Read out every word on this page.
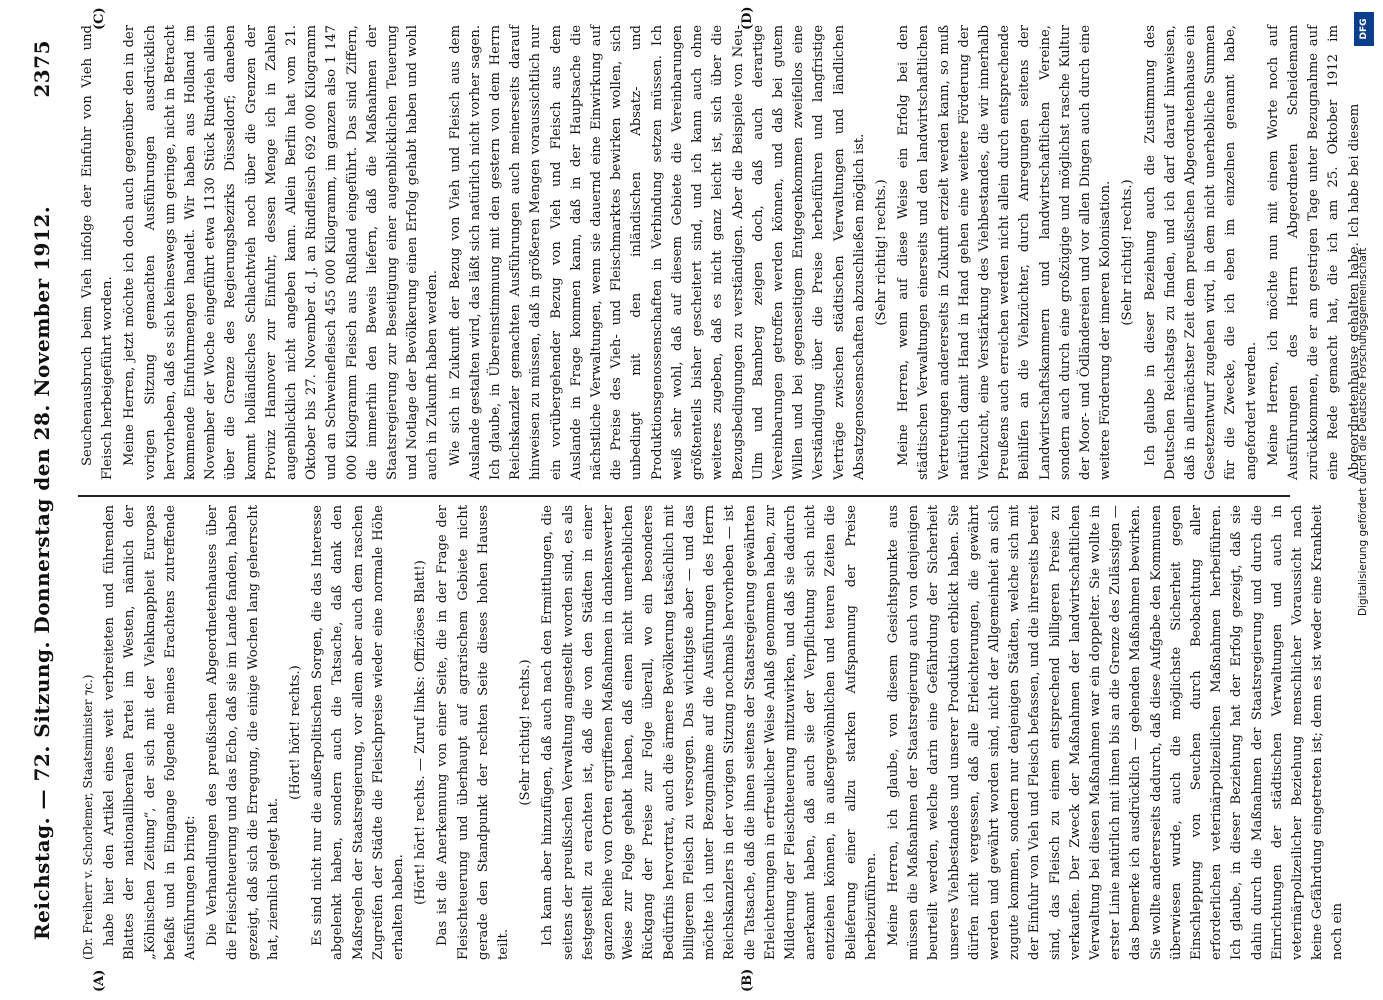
Reichstag. — 72. Sitzung. Donnerstag den 28. November 1912.
2375
(A)	(B)
(C)	(D)

(Dr. Freiherr v. Schorlemer, Staatsminister ⁊c.) habe hier den Artikel eines weit verbreiteten und führenden Blattes der nationalliberalen Partei im Westen, nämlich der „Kölnischen Zeitung“, der sich mit der Viehknappheit Europas befaßt und in Eingange folgende meines Erachtens zutreffende Ausführungen bringt: Die Verhandlungen des preußischen Abgeordnetenhauses über die Fleischteuerung und das Echo, daß sie im Lande fanden, haben gezeigt, daß sich die Erregung, die einige Wochen lang geherrscht hat, ziemlich gelegt hat.

(Hört! hört! rechts.) Es sind nicht nur die außerpolitischen Sorgen, die das Interesse abgelenkt haben, sondern auch die Tatsache, daß dank den Maßregeln der Staatsregierung, vor allem aber auch dem raschen Zugreifen der Städte die Fleischpreise wieder eine normale Höhe erhalten haben.

(Hört! hört! rechts. — Zuruf links: Offiziöses Blatt!) Das ist die Anerkennung von einer Seite, die in der Frage der Fleischteuerung und überhaupt auf agrarischem Gebiete nicht gerade den Standpunkt der rechten Seite dieses hohen Hauses teilt.

(Sehr richtig! rechts.) Ich kann aber hinzufügen, daß auch nach den Ermittlungen, die seitens der preußischen Verwaltung angestellt worden sind, es als festgestellt zu erachten ist, daß die von den Städten in einer ganzen Reihe von Orten ergriffenen Maßnahmen in dankenswerter Weise zur Folge gehabt haben, daß einen nicht unerheblichen Rückgang der Preise zur Folge überall, wo ein besonderes Bedürfnis hervortrat, auch die ärmere Bevölkerung tatsächlich mit billigerem Fleisch zu versorgen. Das wichtigste aber — und das möchte ich unter Bezugnahme auf die Ausführungen des Herrn Reichskanzlers in der vorigen Sitzung nochmals hervorheben — ist die Tatsache, daß die ihnen seitens der Staatsregierung gewährten Erleichterungen in erfreulicher Weise Anlaß genommen haben, zur Milderung der Fleischteuerung mitzuwirken, und daß sie dadurch anerkannt haben, daß auch sie der Verpflichtung sich nicht entziehen können, in außergewöhnlichen und teuren Zeiten die Belieferung einer allzu starken Aufspannung der Preise herbeizuführen. Meine Herren, ich glaube, von diesem Gesichtspunkte aus müssen die Maßnahmen der Staatsregierung auch von denjenigen beurteilt werden, welche darin eine Gefährdung der Sicherheit unseres Viehbestandes und unserer Produktion erblickt haben. Sie dürfen nicht vergessen, daß alle Erleichterungen, die gewährt werden und gewährt worden sind, nicht der Allgemeinheit an sich zugute kommen, sondern nur denjenigen Städten, welche sich mit der Einfuhr von Vieh und Fleisch befassen, und die ihrerseits bereit sind, das Fleisch zu einem entsprechend billigeren Preise zu verkaufen. Der Zweck der Maßnahmen der landwirtschaftlichen Verwaltung bei diesen Maßnahmen war ein doppelter. Sie wollte in erster Linie natürlich mit ihnen bis an die Grenze des Zulässigen — das bemerke ich ausdrücklich — gehenden Maßnahmen bewirken. Sie wollte andererseits dadurch, daß diese Aufgabe den Kommunen überwiesen wurde, auch die möglichste Sicherheit gegen Einschleppung von Seuchen durch Beobachtung aller erforderlichen veterinärpolizeilichen Maßnahmen herbeiführen. Ich glaube, in dieser Beziehung hat der Erfolg gezeigt, daß sie dahin durch die Maßnahmen der Staatsregierung und durch die Einrichtungen der städtischen Verwaltungen und auch in veterinärpolizeilicher Beziehung menschlicher Voraussicht nach keine Gefährdung eingetreten ist; denn es ist weder eine Krankheit noch ein

Seuchenausbruch beim Vieh infolge der Einfuhr von Vieh und Fleisch herbeigeführt worden. Meine Herren, jetzt möchte ich doch auch gegenüber den in der vorigen Sitzung gemachten Ausführungen ausdrücklich hervorheben, daß es sich keineswegs um geringe, nicht in Betracht kommende Einfuhrmengen handelt. Wir haben aus Holland im November der Woche eingeführt etwa 1130 Stück Rindvieh allein über die Grenze des Regierungsbezirks Düsseldorf; daneben kommt holländisches Schlachtvieh noch über die Grenzen der Provinz Hannover zur Einfuhr, dessen Menge ich in Zahlen augenblicklich nicht angeben kann. Allein Berlin hat vom 21. Oktober bis 27. November d. J. an Rindfleisch 692 000 Kilogramm und an Schweinefleisch 455 000 Kilogramm, im ganzen also 1 147 000 Kilogramm Fleisch aus Rußland eingeführt. Das sind Ziffern, die immerhin den Beweis liefern, daß die Maßnahmen der Staatsregierung zur Beseitigung einer augenblicklichen Teuerung und Notlage der Bevölkerung einen Erfolg gehabt haben und wohl auch in Zukunft haben werden. Wie sich in Zukunft der Bezug von Vieh und Fleisch aus dem Auslande gestalten wird, das läßt sich natürlich nicht vorher sagen. Ich glaube, in Übereinstimmung mit den gestern von dem Herrn Reichskanzler gemachten Ausführungen auch meinerseits darauf hinweisen zu müssen, daß in größeren Mengen voraussichtlich nur ein vorübergehender Bezug von Vieh und Fleisch aus dem Auslande in Frage kommen kann, daß in der Hauptsache die nächstliche Verwaltungen, wenn sie dauernd eine Einwirkung auf die Preise des Vieh- und Fleischmarktes bewirken wollen, sich unbedingt mit den inländischen Absatz- und Produktionsgenossenschaften in Verbindung setzen müssen. Ich weiß sehr wohl, daß auf diesem Gebiete die Vereinbarungen größtenteils bisher gescheitert sind, und ich kann auch ohne weiteres zugeben, daß es nicht ganz leicht ist, sich über die Bezugsbedingungen zu verständigen. Aber die Beispiele von Neu-Ulm und Bamberg zeigen doch, daß auch derartige Vereinbarungen getroffen werden können, und daß bei gutem Willen und bei gegenseitigem Entgegenkommen zweifellos eine Verständigung über die Preise herbeiführen und langfristige Verträge zwischen städtischen Verwaltungen und ländlichen Absatzgenossenschaften abzuschließen möglich ist. (Sehr richtig! rechts.) Meine Herren, wenn auf diese Weise ein Erfolg bei den städtischen Verwaltungen einerseits und den landwirtschaftlichen Vertretungen andererseits in Zukunft erzielt werden kann, so muß natürlich damit Hand in Hand gehen eine weitere Förderung der Viehzucht, eine Verstärkung des Viehbestandes, die wir innerhalb Preußens auch erreichen werden nicht allein durch entsprechende Beihilfen an die Viehzüchter, durch Anregungen seitens der Landwirtschaftskammern und landwirtschaftlichen Vereine, sondern auch durch eine großzügige und möglichst rasche Kultur der Moor- und Ödländereien und vor allen Dingen auch durch eine weitere Förderung der inneren Kolonisation. (Sehr richtig! rechts.) Ich glaube in dieser Beziehung auch die Zustimmung des Deutschen Reichstags zu finden, und ich darf darauf hinweisen, daß in allernächster Zeit dem preußischen Abgeordnetenhause ein Gesetzentwurf zugehen wird, in dem nicht unerhebliche Summen für die Zwecke, die ich eben im einzelnen genannt habe, angefordert werden. Meine Herren, ich möchte nun mit einem Worte noch auf Ausführungen des Herrn Abgeordneten Scheidemann zurückkommen, die er am gestrigen Tage unter Bezugnahme auf eine Rede gemacht hat, die ich am 25. Oktober 1912 im Abgeordnetenhause gehalten habe. Ich habe bei diesem

DFG
Digitalisierung gefördert durch die Deutsche Forschungsgemeinschaft
